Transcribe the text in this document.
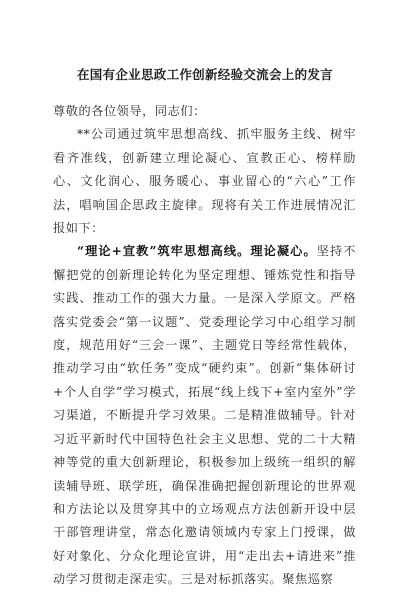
在国有企业思政工作创新经验交流会上的发言

尊敬的各位领导，同志们：

**公司通过筑牢思想高线、抓牢服务主线、树牢看齐准线，创新建立理论凝心、宣教正心、榜样励心、文化润心、服务暖心、事业留心的“六心”工作法，唱响国企思政主旋律。现将有关工作进展情况汇报如下：

“理论+宣教”筑牢思想高线。理论凝心。坚持不懈把党的创新理论转化为坚定理想、锤炼党性和指导实践、推动工作的强大力量。一是深入学原文。严格落实党委会“第一议题”、党委理论学习中心组学习制度，规范用好“三会一课”、主题党日等经常性载体，推动学习由“软任务”变成“硬约束”。创新“集体研讨+个人自学”学习模式，拓展“线上线下+室内室外”学习渠道，不断提升学习效果。二是精准做辅导。针对习近平新时代中国特色社会主义思想、党的二十大精神等党的重大创新理论，积极参加上级统一组织的解读辅导班、联学班，确保准确把握创新理论的世界观和方法论以及贯穿其中的立场观点方法创新开设中层干部管理讲堂，常态化邀请领域内专家上门授课，做好对象化、分众化理论宣讲，用“走出去+请进来”推动学习贯彻走深走实。三是对标抓落实。聚焦巡察
